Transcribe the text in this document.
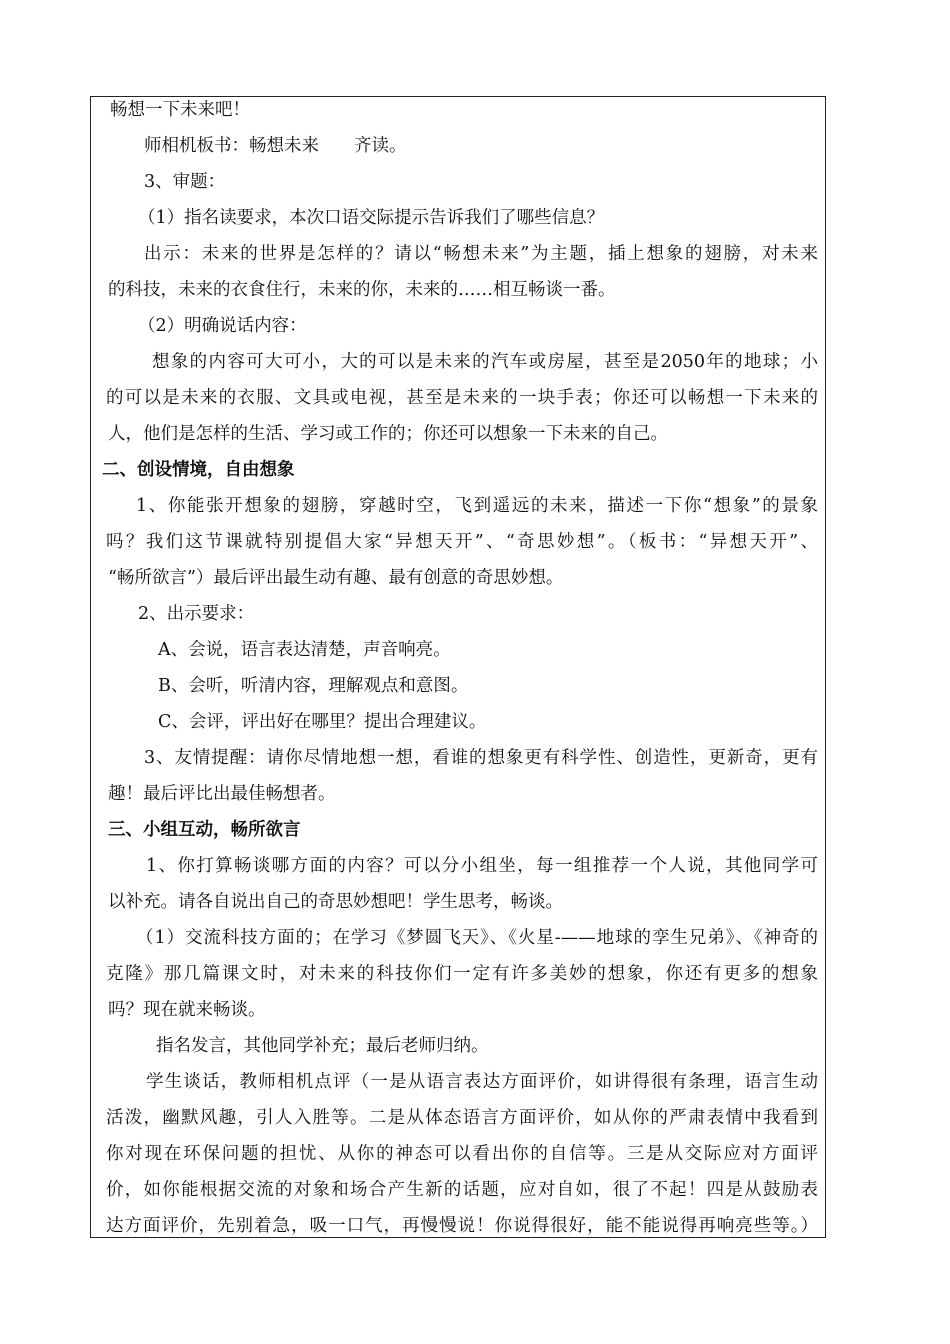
畅想一下未来吧！
师相机板书：畅想未来　　齐读。
3、审题：
（1）指名读要求，本次口语交际提示告诉我们了哪些信息？
出示：未来的世界是怎样的？请以“畅想未来”为主题，插上想象的翅膀，对未来
的科技，未来的衣食住行，未来的你，未来的……相互畅谈一番。
（2）明确说话内容：
想象的内容可大可小，大的可以是未来的汽车或房屋，甚至是2050年的地球；小
的可以是未来的衣服、文具或电视，甚至是未来的一块手表；你还可以畅想一下未来的
人，他们是怎样的生活、学习或工作的；你还可以想象一下未来的自己。
二、创设情境，自由想象
1、你能张开想象的翅膀，穿越时空，飞到遥远的未来，描述一下你“想象”的景象
吗？我们这节课就特别提倡大家“异想天开”、“奇思妙想”。（板书：“异想天开”、
“畅所欲言”）最后评出最生动有趣、最有创意的奇思妙想。
2、出示要求：
A、会说，语言表达清楚，声音响亮。
B、会听，听清内容，理解观点和意图。
C、会评，评出好在哪里？提出合理建议。
3、友情提醒：请你尽情地想一想，看谁的想象更有科学性、创造性，更新奇，更有
趣！最后评比出最佳畅想者。
三、小组互动，畅所欲言
1、你打算畅谈哪方面的内容？可以分小组坐，每一组推荐一个人说，其他同学可
以补充。请各自说出自己的奇思妙想吧！学生思考，畅谈。
（1）交流科技方面的；在学习《梦圆飞天》、《火星-——地球的孪生兄弟》、《神奇的
克隆》那几篇课文时，对未来的科技你们一定有许多美妙的想象，你还有更多的想象
吗？现在就来畅谈。
指名发言，其他同学补充；最后老师归纳。
学生谈话，教师相机点评（一是从语言表达方面评价，如讲得很有条理，语言生动
活泼，幽默风趣，引人入胜等。二是从体态语言方面评价，如从你的严肃表情中我看到
你对现在环保问题的担忧、从你的神态可以看出你的自信等。三是从交际应对方面评
价，如你能根据交流的对象和场合产生新的话题，应对自如，很了不起！四是从鼓励表
达方面评价，先别着急，吸一口气，再慢慢说！你说得很好，能不能说得再响亮些等。）
